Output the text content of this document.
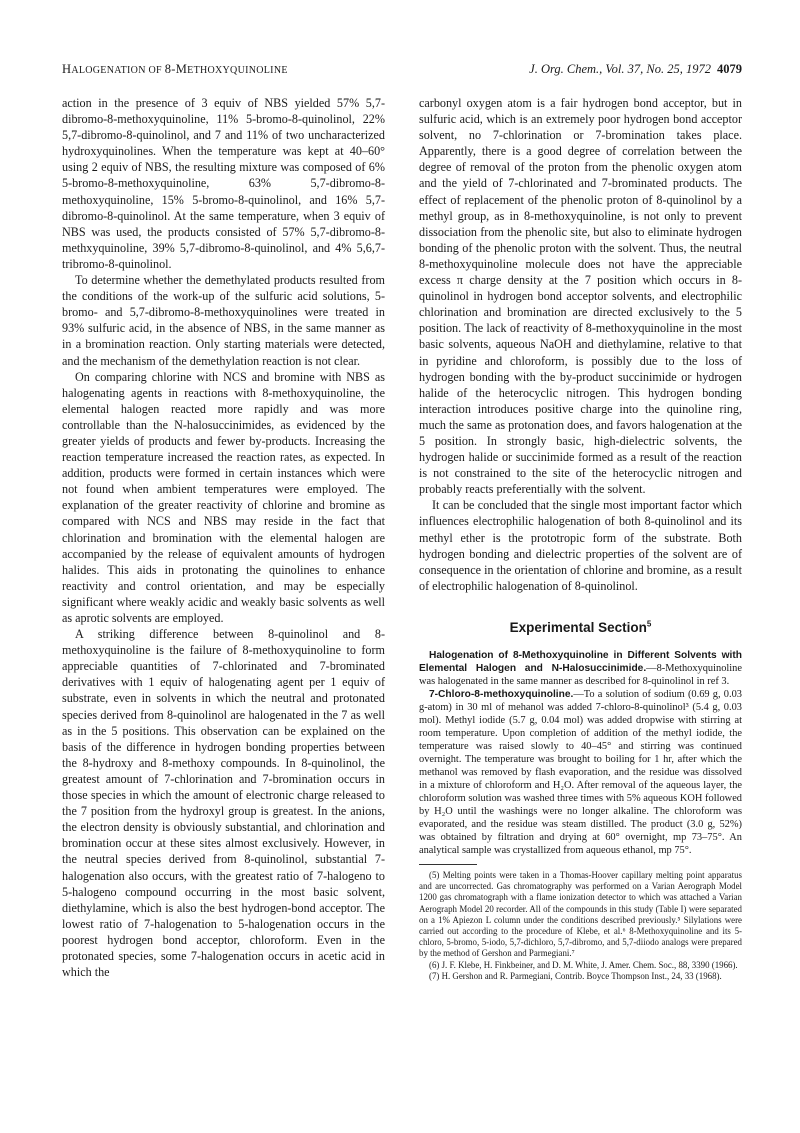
HALOGENATION OF 8-METHOXYQUINOLINE	J. Org. Chem., Vol. 37, No. 25, 1972 4079

action in the presence of 3 equiv of NBS yielded 57% 5,7-dibromo-8-methoxyquinoline, 11% 5-bromo-8-quinolinol, 22% 5,7-dibromo-8-quinolinol, and 7 and 11% of two uncharacterized hydroxyquinolines. When the temperature was kept at 40–60° using 2 equiv of NBS, the resulting mixture was composed of 6% 5-bromo-8-methoxyquinoline, 63% 5,7-dibromo-8-methoxyquinoline, 15% 5-bromo-8-quinolinol, and 16% 5,7-dibromo-8-quinolinol. At the same temperature, when 3 equiv of NBS was used, the products consisted of 57% 5,7-dibromo-8-methxyquinoline, 39% 5,7-dibromo-8-quinolinol, and 4% 5,6,7-tribromo-8-quinolinol.

To determine whether the demethylated products resulted from the conditions of the work-up of the sulfuric acid solutions, 5-bromo- and 5,7-dibromo-8-methoxyquinolines were treated in 93% sulfuric acid, in the absence of NBS, in the same manner as in a bromination reaction. Only starting materials were detected, and the mechanism of the demethylation reaction is not clear.

On comparing chlorine with NCS and bromine with NBS as halogenating agents in reactions with 8-methoxyquinoline, the elemental halogen reacted more rapidly and was more controllable than the N-halosuccinimides, as evidenced by the greater yields of products and fewer by-products. Increasing the reaction temperature increased the reaction rates, as expected. In addition, products were formed in certain instances which were not found when ambient temperatures were employed. The explanation of the greater reactivity of chlorine and bromine as compared with NCS and NBS may reside in the fact that chlorination and bromination with the elemental halogen are accompanied by the release of equivalent amounts of hydrogen halides. This aids in protonating the quinolines to enhance reactivity and control orientation, and may be especially significant where weakly acidic and weakly basic solvents as well as aprotic solvents are employed.

A striking difference between 8-quinolinol and 8-methoxyquinoline is the failure of 8-methoxyquinoline to form appreciable quantities of 7-chlorinated and 7-brominated derivatives with 1 equiv of halogenating agent per 1 equiv of substrate, even in solvents in which the neutral and protonated species derived from 8-quinolinol are halogenated in the 7 as well as in the 5 positions. This observation can be explained on the basis of the difference in hydrogen bonding properties between the 8-hydroxy and 8-methoxy compounds. In 8-quinolinol, the greatest amount of 7-chlorination and 7-bromination occurs in those species in which the amount of electronic charge released to the 7 position from the hydroxyl group is greatest. In the anions, the electron density is obviously substantial, and chlorination and bromination occur at these sites almost exclusively. However, in the neutral species derived from 8-quinolinol, substantial 7-halogenation also occurs, with the greatest ratio of 7-halogeno to 5-halogeno compound occurring in the most basic solvent, diethylamine, which is also the best hydrogen-bond acceptor. The lowest ratio of 7-halogenation to 5-halogenation occurs in the poorest hydrogen bond acceptor, chloroform. Even in the protonated species, some 7-halogenation occurs in acetic acid in which the

carbonyl oxygen atom is a fair hydrogen bond acceptor, but in sulfuric acid, which is an extremely poor hydrogen bond acceptor solvent, no 7-chlorination or 7-bromination takes place. Apparently, there is a good degree of correlation between the degree of removal of the proton from the phenolic oxygen atom and the yield of 7-chlorinated and 7-brominated products. The effect of replacement of the phenolic proton of 8-quinolinol by a methyl group, as in 8-methoxyquinoline, is not only to prevent dissociation from the phenolic site, but also to eliminate hydrogen bonding of the phenolic proton with the solvent. Thus, the neutral 8-methoxyquinoline molecule does not have the appreciable excess π charge density at the 7 position which occurs in 8-quinolinol in hydrogen bond acceptor solvents, and electrophilic chlorination and bromination are directed exclusively to the 5 position. The lack of reactivity of 8-methoxyquinoline in the most basic solvents, aqueous NaOH and diethylamine, relative to that in pyridine and chloroform, is possibly due to the loss of hydrogen bonding with the by-product succinimide or hydrogen halide of the heterocyclic nitrogen. This hydrogen bonding interaction introduces positive charge into the quinoline ring, much the same as protonation does, and favors halogenation at the 5 position. In strongly basic, high-dielectric solvents, the hydrogen halide or succinimide formed as a result of the reaction is not constrained to the site of the heterocyclic nitrogen and probably reacts preferentially with the solvent.

It can be concluded that the single most important factor which influences electrophilic halogenation of both 8-quinolinol and its methyl ether is the prototropic form of the substrate. Both hydrogen bonding and dielectric properties of the solvent are of consequence in the orientation of chlorine and bromine, as a result of electrophilic halogenation of 8-quinolinol.

Experimental Section$^5$

Halogenation of 8-Methoxyquinoline in Different Solvents with Elemental Halogen and N-Halosuccinimide.—8-Methoxyquinoline was halogenated in the same manner as described for 8-quinolinol in ref 3.

7-Chloro-8-methoxyquinoline.—To a solution of sodium (0.69 g, 0.03 g-atom) in 30 ml of mehanol was added 7-chloro-8-quinolinol³ (5.4 g, 0.03 mol). Methyl iodide (5.7 g, 0.04 mol) was added dropwise with stirring at room temperature. Upon completion of addition of the methyl iodide, the temperature was raised slowly to 40–45° and stirring was continued overnight. The temperature was brought to boiling for 1 hr, after which the methanol was removed by flash evaporation, and the residue was dissolved in a mixture of chloroform and H₂O. After removal of the aqueous layer, the chloroform solution was washed three times with 5% aqueous KOH followed by H₂O until the washings were no longer alkaline. The chloroform was evaporated, and the residue was steam distilled. The product (3.0 g, 52%) was obtained by filtration and drying at 60° overnight, mp 73–75°. An analytical sample was crystallized from aqueous ethanol, mp 75°.

(5) Melting points were taken in a Thomas-Hoover capillary melting point apparatus and are uncorrected. Gas chromatography was performed on a Varian Aerograph Model 1200 gas chromatograph with a flame ionization detector to which was attached a Varian Aerograph Model 20 recorder. All of the compounds in this study (Table I) were separated on a 1% Apiezon L column under the conditions described previously.⁵ Silylations were carried out according to the procedure of Klebe, et al.⁶ 8-Methoxyquinoline and its 5-chloro, 5-bromo, 5-iodo, 5,7-dichloro, 5,7-dibromo, and 5,7-diiodo analogs were prepared by the method of Gershon and Parmegiani.⁷

(6) J. F. Klebe, H. Finkbeiner, and D. M. White, J. Amer. Chem. Soc., 88, 3390 (1966).

(7) H. Gershon and R. Parmegiani, Contrib. Boyce Thompson Inst., 24, 33 (1968).
